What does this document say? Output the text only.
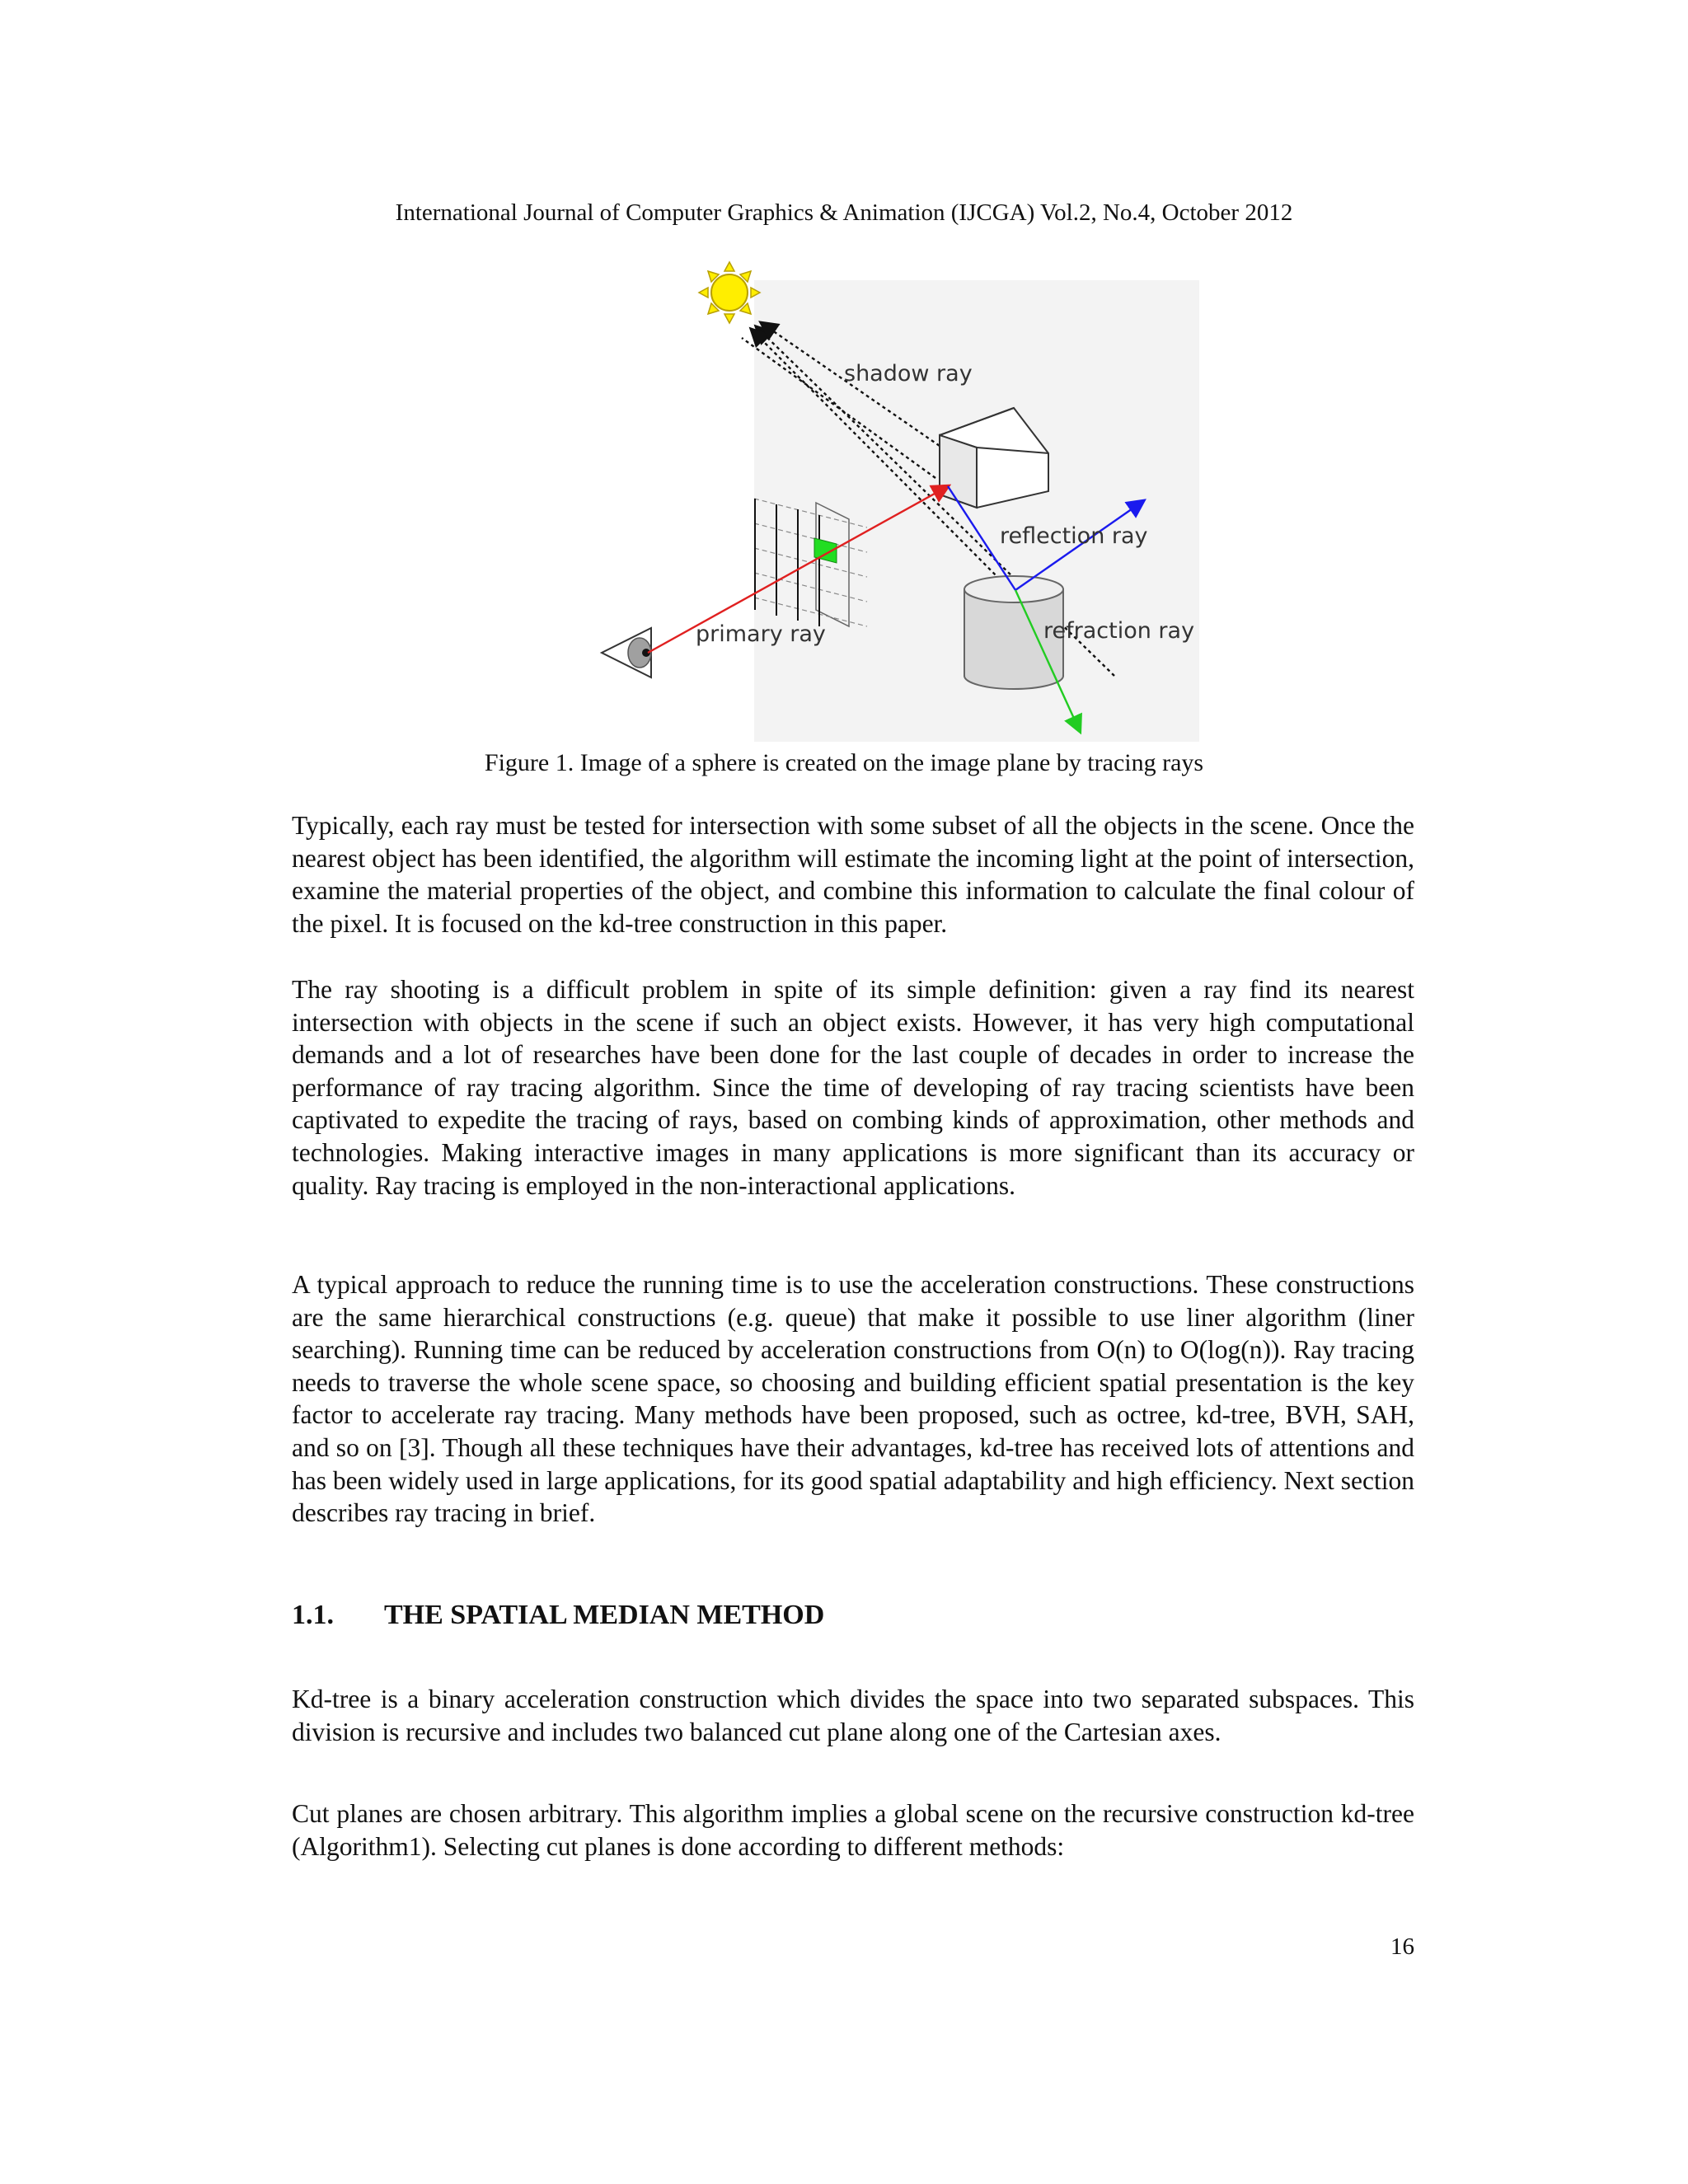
International Journal of Computer Graphics & Animation (IJCGA) Vol.2, No.4, October 2012
shadow ray
reflection ray
refraction ray
primary ray
Figure 1. Image of a sphere is created on the image plane by tracing rays

Typically, each ray must be tested for intersection with some subset of all the objects in the scene. Once the nearest object has been identified, the algorithm will estimate the incoming light at the point of intersection, examine the material properties of the object, and combine this information to calculate the final colour of the pixel. It is focused on the kd-tree construction in this paper.

The ray shooting is a difficult problem in spite of its simple definition: given a ray find its nearest intersection with objects in the scene if such an object exists. However, it has very high computational demands and a lot of researches have been done for the last couple of decades in order to increase the performance of ray tracing algorithm. Since the time of developing of ray tracing scientists have been captivated to expedite the tracing of rays, based on combing kinds of approximation, other methods and technologies. Making interactive images in many applications is more significant than its accuracy or quality. Ray tracing is employed in the non-interactional applications.

A typical approach to reduce the running time is to use the acceleration constructions. These constructions are the same hierarchical constructions (e.g. queue) that make it possible to use liner algorithm (liner searching). Running time can be reduced by acceleration constructions from O(n) to O(log(n)). Ray tracing needs to traverse the whole scene space, so choosing and building efficient spatial presentation is the key factor to accelerate ray tracing. Many methods have been proposed, such as octree, kd-tree, BVH, SAH, and so on [3]. Though all these techniques have their advantages, kd-tree has received lots of attentions and has been widely used in large applications, for its good spatial adaptability and high efficiency. Next section describes ray tracing in brief.

1.1. THE SPATIAL MEDIAN METHOD

Kd-tree is a binary acceleration construction which divides the space into two separated subspaces. This division is recursive and includes two balanced cut plane along one of the Cartesian axes.

Cut planes are chosen arbitrary. This algorithm implies a global scene on the recursive construction kd-tree (Algorithm1). Selecting cut planes is done according to different methods:

16
